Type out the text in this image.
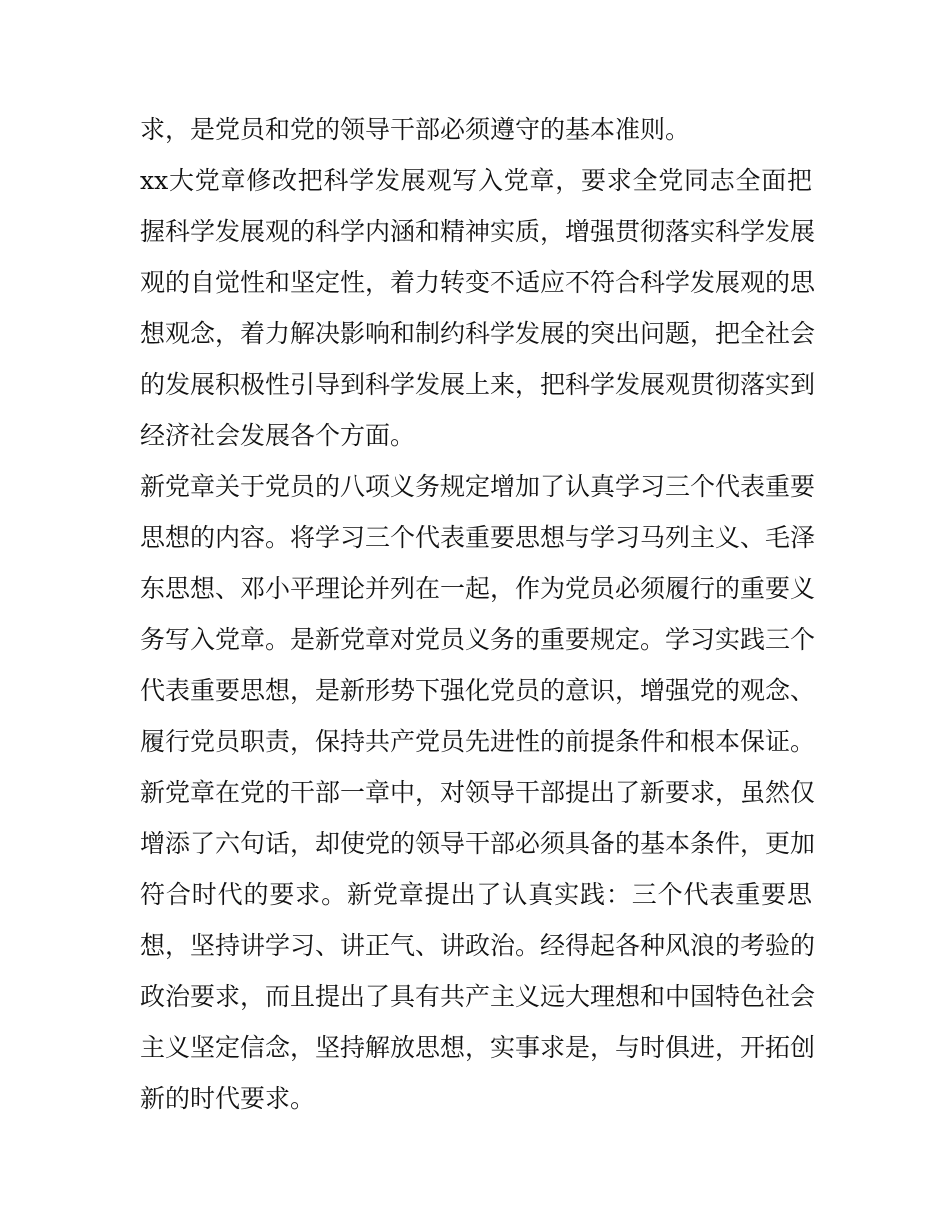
求，是党员和党的领导干部必须遵守的基本准则。
xx大党章修改把科学发展观写入党章，要求全党同志全面把
握科学发展观的科学内涵和精神实质，增强贯彻落实科学发展
观的自觉性和坚定性，着力转变不适应不符合科学发展观的思
想观念，着力解决影响和制约科学发展的突出问题，把全社会
的发展积极性引导到科学发展上来，把科学发展观贯彻落实到
经济社会发展各个方面。
新党章关于党员的八项义务规定增加了认真学习三个代表重要
思想的内容。将学习三个代表重要思想与学习马列主义、毛泽
东思想、邓小平理论并列在一起，作为党员必须履行的重要义
务写入党章。是新党章对党员义务的重要规定。学习实践三个
代表重要思想，是新形势下强化党员的意识，增强党的观念、
履行党员职责，保持共产党员先进性的前提条件和根本保证。
新党章在党的干部一章中，对领导干部提出了新要求，虽然仅
增添了六句话，却使党的领导干部必须具备的基本条件，更加
符合时代的要求。新党章提出了认真实践：三个代表重要思
想，坚持讲学习、讲正气、讲政治。经得起各种风浪的考验的
政治要求，而且提出了具有共产主义远大理想和中国特色社会
主义坚定信念，坚持解放思想，实事求是，与时俱进，开拓创
新的时代要求。
